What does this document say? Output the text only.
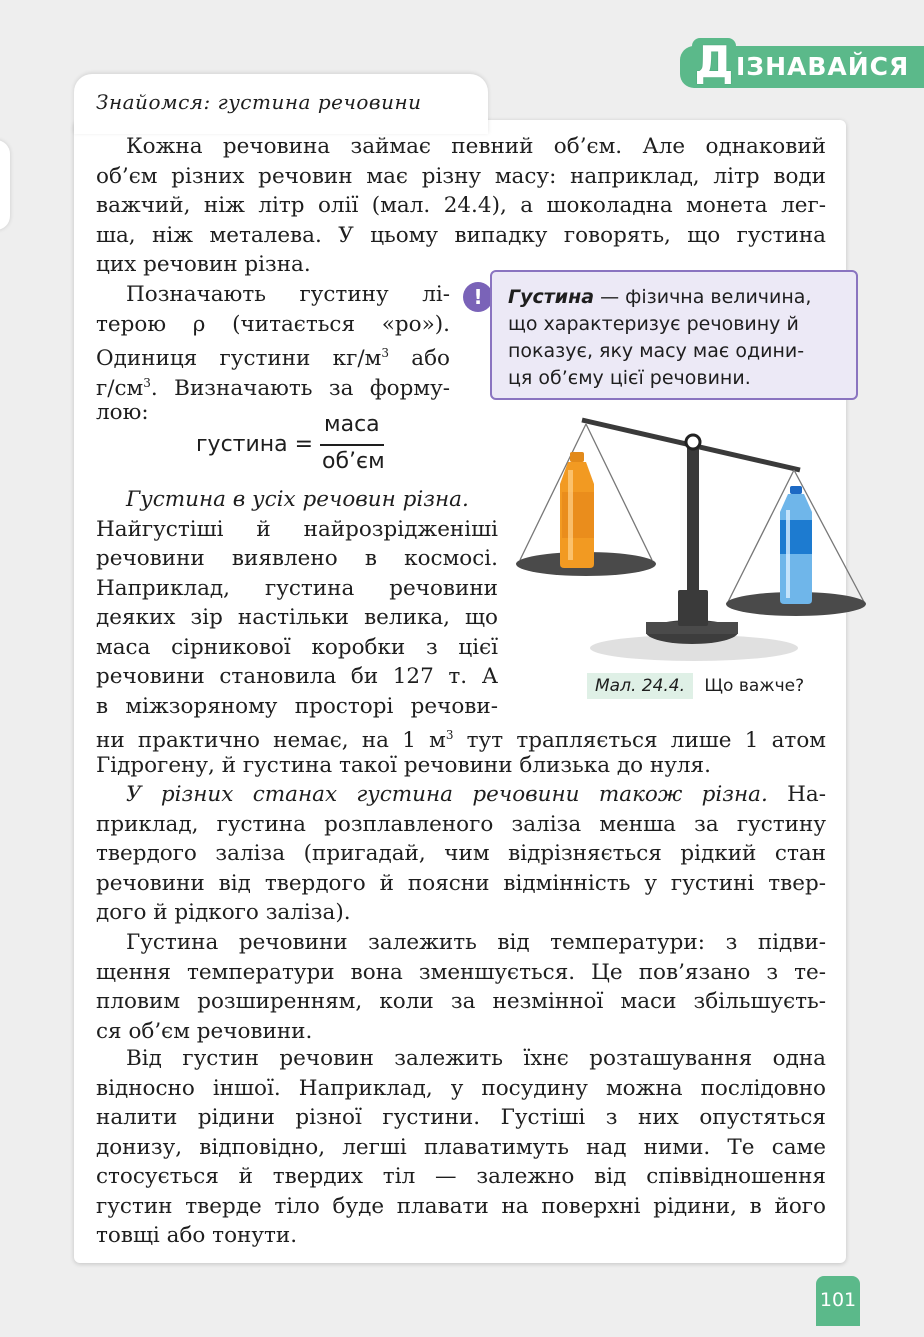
Д ІЗНАВАЙСЯ
Знайомся: густина речовини
Кожна речовина займає певний об’єм. Але однаковий
об’єм різних речовин має різну масу: наприклад, літр води
важчий, ніж літр олії (мал. 24.4), а шоколадна монета лег-
ша, ніж металева. У цьому випадку говорять, що густина
цих речовин різна.
Позначають густину лі-
терою ρ (читається «ро»).
Одиниця густини $кг/м^3$ або
$г/см^3$. Визначають за форму-
лою:
!	Густина — фізична величина,
що характеризує речовину й
показує, яку масу має одини-
ця об’єму цієї речовини.
густина =
маса
об’єм
Густина в усіх речовин різна.
Найгустіші й найрозрідженіші
речовини виявлено в космосі.
Наприклад, густина речовини
деяких зір настільки велика, що
маса сірникової коробки з цієї
речовини становила би 127 т. А
в міжзоряному просторі речови-
Мал. 24.4. Що важче?
ни практично немає, на 1 $м^3$ тут трапляється лише 1 атом
Гідрогену, й густина такої речовини близька до нуля.
У різних станах густина речовини також різна. На-
приклад, густина розплавленого заліза менша за густину
твердого заліза (пригадай, чим відрізняється рідкий стан
речовини від твердого й поясни відмінність у густині твер-
дого й рідкого заліза).
Густина речовини залежить від температури: з підви-
щення температури вона зменшується. Це пов’язано з те-
пловим розширенням, коли за незмінної маси збільшуєть-
ся об’єм речовини.
Від густин речовин залежить їхнє розташування одна
відносно іншої. Наприклад, у посудину можна послідовно
налити рідини різної густини. Густіші з них опустяться
донизу, відповідно, легші плаватимуть над ними. Те саме
стосується й твердих тіл — залежно від співвідношення
густин тверде тіло буде плавати на поверхні рідини, в його
товщі або тонути.
101
